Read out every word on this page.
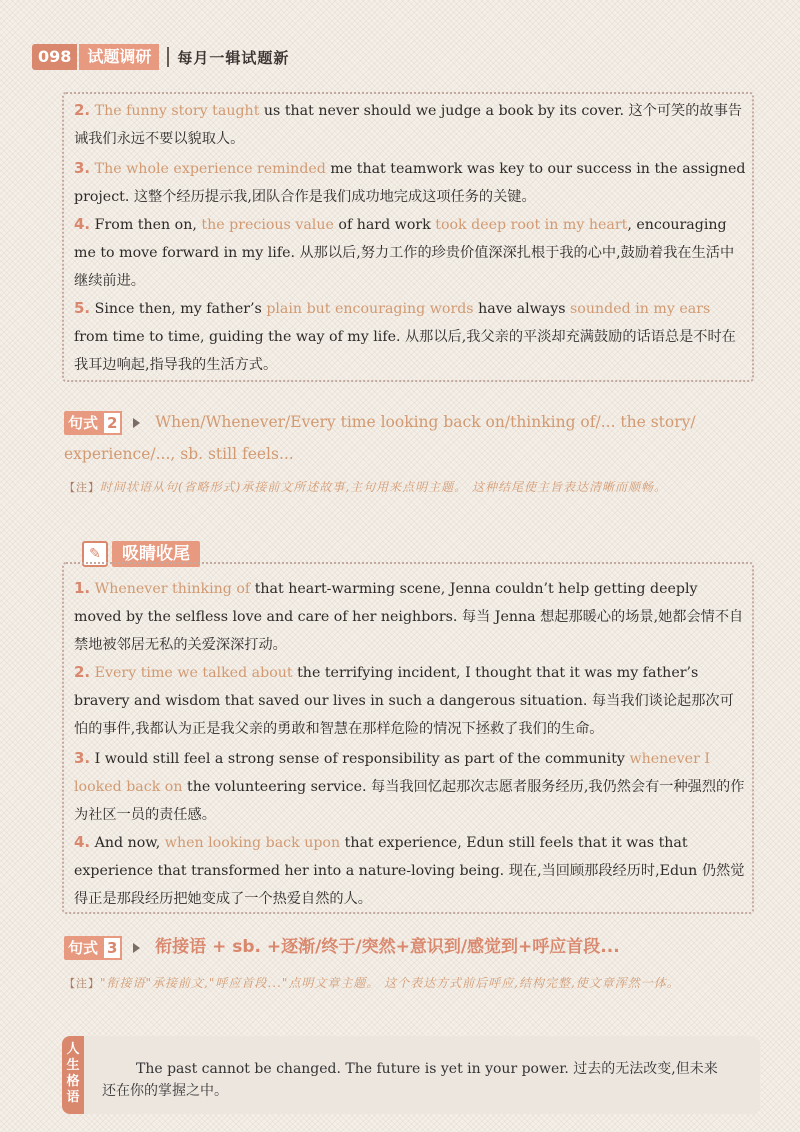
098	试题调研	每月一辑试题新
2. The funny story taught us that never should we judge a book by its cover. 这个可笑的故事告诫我们永远不要以貌取人。
3. The whole experience reminded me that teamwork was key to our success in the assigned project. 这整个经历提示我,团队合作是我们成功地完成这项任务的关键。
4. From then on, the precious value of hard work took deep root in my heart, encouraging me to move forward in my life. 从那以后,努力工作的珍贵价值深深扎根于我的心中,鼓励着我在生活中继续前进。
5. Since then, my father’s plain but encouraging words have always sounded in my ears from time to time, guiding the way of my life. 从那以后,我父亲的平淡却充满鼓励的话语总是不时在我耳边响起,指导我的生活方式。
句式 2 When/Whenever/Every time looking back on/thinking of/... the story/ experience/..., sb. still feels...
【注】时间状语从句(省略形式)承接前文所述故事,主句用来点明主题。 这种结尾使主旨表达清晰而顺畅。
✎	吸睛收尾
1. Whenever thinking of that heart-warming scene, Jenna couldn’t help getting deeply moved by the selfless love and care of her neighbors. 每当 Jenna 想起那暖心的场景,她都会情不自禁地被邻居无私的关爱深深打动。
2. Every time we talked about the terrifying incident, I thought that it was my father’s bravery and wisdom that saved our lives in such a dangerous situation. 每当我们谈论起那次可怕的事件,我都认为正是我父亲的勇敢和智慧在那样危险的情况下拯救了我们的生命。
3. I would still feel a strong sense of responsibility as part of the community whenever I looked back on the volunteering service. 每当我回忆起那次志愿者服务经历,我仍然会有一种强烈的作为社区一员的责任感。
4. And now, when looking back upon that experience, Edun still feels that it was that experience that transformed her into a nature-loving being. 现在,当回顾那段经历时,Edun 仍然觉得正是那段经历把她变成了一个热爱自然的人。
句式 3 衔接语 + sb. +逐渐/终于/突然+意识到/感觉到+呼应首段...
【注】"衔接语"承接前文,"呼应首段..."点明文章主题。 这个表达方式前后呼应,结构完整,使文章浑然一体。
人生格语
The past cannot be changed. The future is yet in your power. 过去的无法改变,但未来
还在你的掌握之中。
